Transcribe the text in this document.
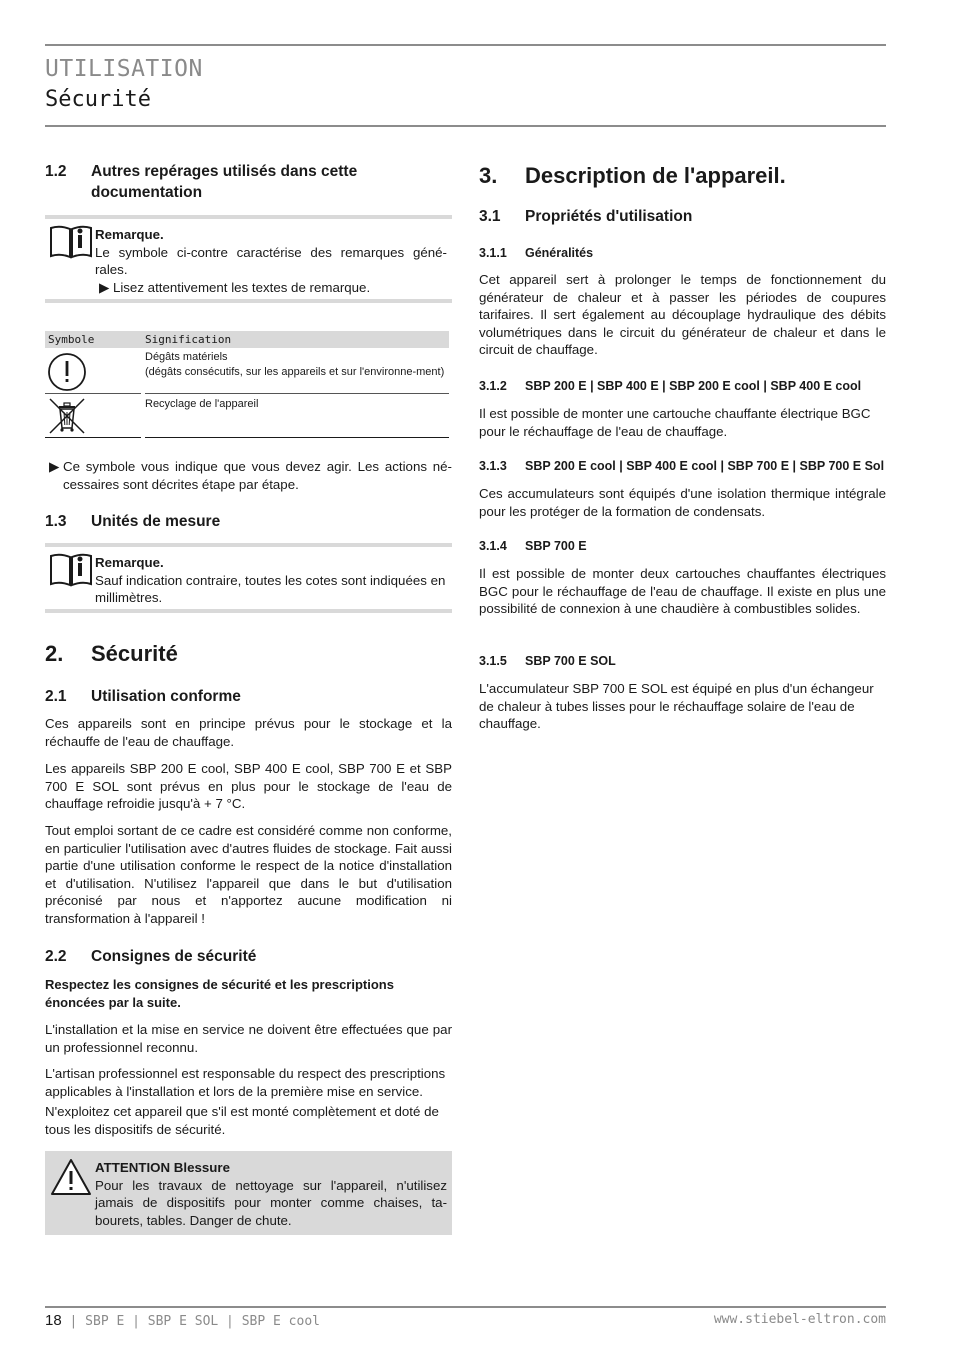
UTILISATION
Sécurité
1.2 Autres repérages utilisés dans cette documentation
Remarque.
Le symbole ci-contre caractérise des remarques géné-rales.
▶ Lisez attentivement les textes de remarque.
Symbole	Signification
Dégâts matériels
(dégâts consécutifs, sur les appareils et sur l'environne-ment)
Recyclage de l'appareil
▶ Ce symbole vous indique que vous devez agir. Les actions né-cessaires sont décrites étape par étape.
1.3 Unités de mesure
Remarque.
Sauf indication contraire, toutes les cotes sont indiquées en millimètres.
2. Sécurité
2.1 Utilisation conforme
Ces appareils sont en principe prévus pour le stockage et la réchauffe de l'eau de chauffage.
Les appareils SBP 200 E cool, SBP 400 E cool, SBP 700 E et SBP 700 E SOL sont prévus en plus pour le stockage de l'eau de chauffage refroidie jusqu'à + 7 °C.
Tout emploi sortant de ce cadre est considéré comme non conforme, en particulier l'utilisation avec d'autres fluides de stockage. Fait aussi partie d'une utilisation conforme le respect de la notice d'installation et d'utilisation. N'utilisez l'appareil que dans le but d'utilisation préconisé par nous et n'apportez aucune modification ni transformation à l'appareil !
2.2 Consignes de sécurité
Respectez les consignes de sécurité et les prescriptions énoncées par la suite.
L'installation et la mise en service ne doivent être effectuées que par un professionnel reconnu.
L'artisan professionnel est responsable du respect des prescriptions applicables à l'installation et lors de la première mise en service.
N'exploitez cet appareil que s'il est monté complètement et doté de tous les dispositifs de sécurité.
ATTENTION Blessure
Pour les travaux de nettoyage sur l'appareil, n'utilisez jamais de dispositifs pour monter comme chaises, ta-bourets, tables. Danger de chute.
3. Description de l'appareil.
3.1 Propriétés d'utilisation
3.1.1 Généralités
Cet appareil sert à prolonger le temps de fonctionnement du générateur de chaleur et à passer les périodes de coupures tarifaires. Il sert également au découplage hydraulique des débits volumétriques dans le circuit du générateur de chaleur et dans le circuit de chauffage.
3.1.2 SBP 200 E | SBP 400 E | SBP 200 E cool | SBP 400 E cool
Il est possible de monter une cartouche chauffante électrique BGC pour le réchauffage de l'eau de chauffage.
3.1.3 SBP 200 E cool | SBP 400 E cool | SBP 700 E | SBP 700 E Sol
Ces accumulateurs sont équipés d'une isolation thermique intégrale pour les protéger de la formation de condensats.
3.1.4 SBP 700 E
Il est possible de monter deux cartouches chauffantes électriques BGC pour le réchauffage de l'eau de chauffage. Il existe en plus une possibilité de connexion à une chaudière à combustibles solides.
3.1.5 SBP 700 E SOL
L'accumulateur SBP 700 E SOL est équipé en plus d'un échangeur de chaleur à tubes lisses pour le réchauffage solaire de l'eau de chauffage.
18 | SBP E | SBP E SOL | SBP E cool	www.stiebel-eltron.com
